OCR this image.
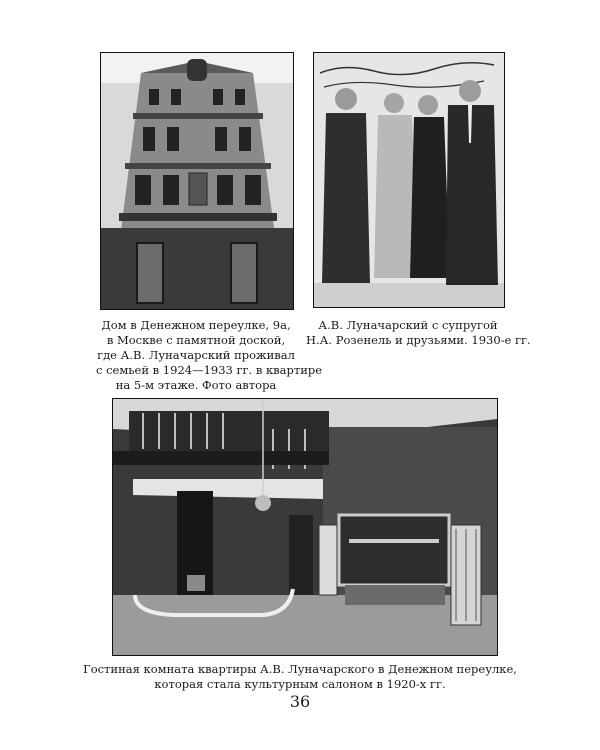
Дом в Денежном переулке, 9а,
в Москве с памятной доской,
где А.В. Луначарский проживал
с семьей в 1924—1933 гг. в квартире
на 5-м этаже. Фото автора
А.В. Луначарский с супругой
Н.А. Розенель и друзьями. 1930-е гг.
Гостиная комната квартиры А.В. Луначарского в Денежном переулке,
которая стала культурным салоном в 1920-х гг.
36
